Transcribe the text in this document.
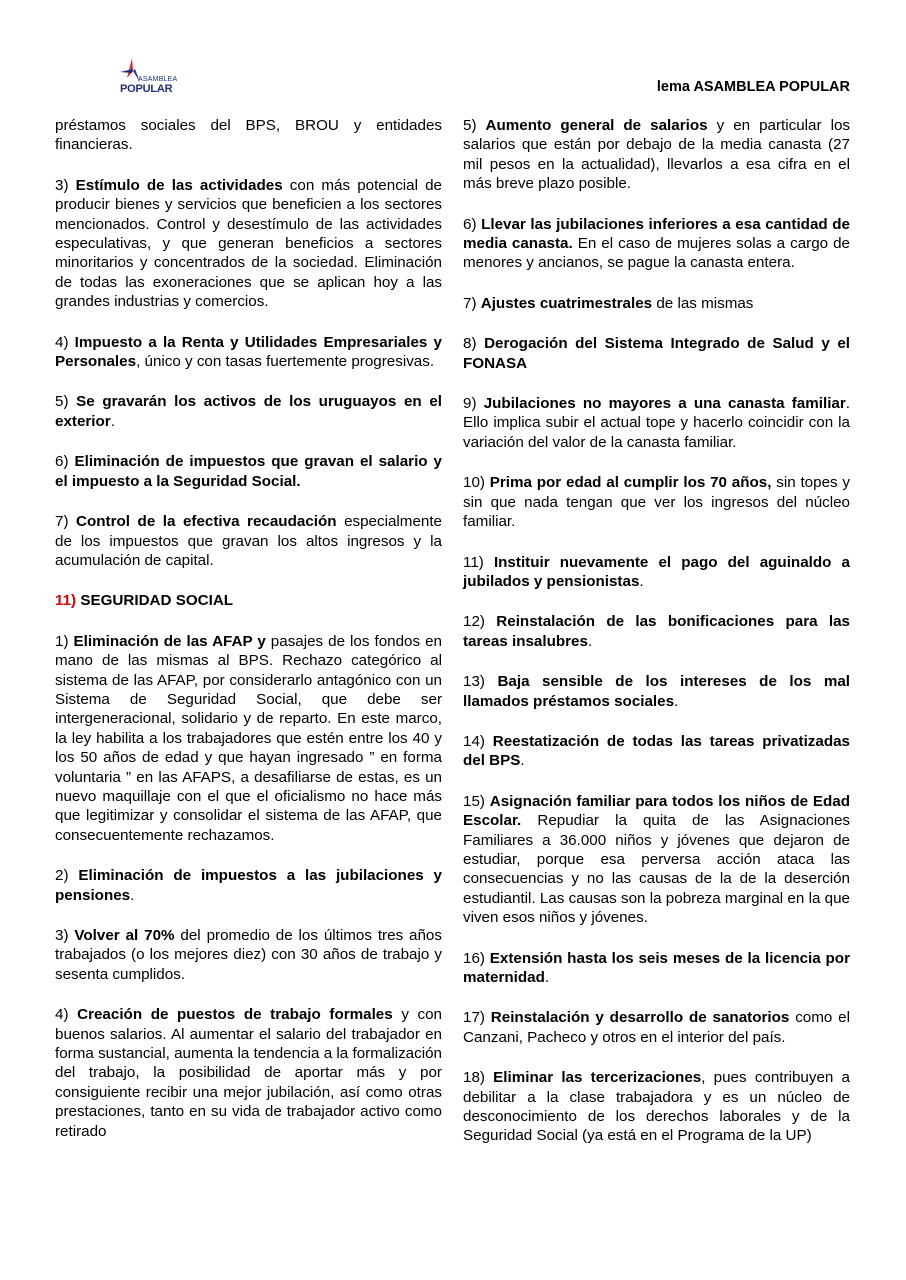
ASAMBLEA
POPULAR	lema ASAMBLEA POPULAR

préstamos sociales del BPS, BROU y entidades financieras.

3) Estímulo de las actividades con más potencial de producir bienes y servicios que beneficien a los sectores mencionados. Control y desestímulo de las actividades especulativas, y que generan beneficios a sectores minoritarios y concentrados de la sociedad. Eliminación de todas las exoneraciones que se aplican hoy a las grandes industrias y comercios.

4) Impuesto a la Renta y Utilidades Empresariales y Personales, único y con tasas fuertemente progresivas.

5) Se gravarán los activos de los uruguayos en el exterior.

6) Eliminación de impuestos que gravan el salario y el impuesto a la Seguridad Social.

7) Control de la efectiva recaudación especialmente de los impuestos que gravan los altos ingresos y la acumulación de capital.

11) SEGURIDAD SOCIAL

1) Eliminación de las AFAP y pasajes de los fondos en mano de las mismas al BPS. Rechazo categórico al sistema de las AFAP, por considerarlo antagónico con un Sistema de Seguridad Social, que debe ser intergeneracional, solidario y de reparto. En este marco, la ley habilita a los trabajadores que estén entre los 40 y los 50 años de edad y que hayan ingresado ” en forma voluntaria ” en las AFAPS, a desafiliarse de estas, es un nuevo maquillaje con el que el oficialismo no hace más que legitimizar y consolidar el sistema de las AFAP, que consecuentemente rechazamos.

2) Eliminación de impuestos a las jubilaciones y pensiones.

3) Volver al 70% del promedio de los últimos tres años trabajados (o los mejores diez) con 30 años de trabajo y sesenta cumplidos.

4) Creación de puestos de trabajo formales y con buenos salarios. Al aumentar el salario del trabajador en forma sustancial, aumenta la tendencia a la formalización del trabajo, la posibilidad de aportar más y por consiguiente recibir una mejor jubilación, así como otras prestaciones, tanto en su vida de trabajador activo como retirado

5) Aumento general de salarios y en particular los salarios que están por debajo de la media canasta (27 mil pesos en la actualidad), llevarlos a esa cifra en el más breve plazo posible.

6) Llevar las jubilaciones inferiores a esa cantidad de media canasta. En el caso de mujeres solas a cargo de menores y ancianos, se pague la canasta entera.

7) Ajustes cuatrimestrales de las mismas

8) Derogación del Sistema Integrado de Salud y el FONASA

9) Jubilaciones no mayores a una canasta familiar. Ello implica subir el actual tope y hacerlo coincidir con la variación del valor de la canasta familiar.

10) Prima por edad al cumplir los 70 años, sin topes y sin que nada tengan que ver los ingresos del núcleo familiar.

11) Instituir nuevamente el pago del aguinaldo a jubilados y pensionistas.

12) Reinstalación de las bonificaciones para las tareas insalubres.

13) Baja sensible de los intereses de los mal llamados préstamos sociales.

14) Reestatización de todas las tareas privatizadas del BPS.

15) Asignación familiar para todos los niños de Edad Escolar. Repudiar la quita de las Asignaciones Familiares a 36.000 niños y jóvenes que dejaron de estudiar, porque esa perversa acción ataca las consecuencias y no las causas de la de la deserción estudiantil. Las causas son la pobreza marginal en la que viven esos niños y jóvenes.

16) Extensión hasta los seis meses de la licencia por maternidad.

17) Reinstalación y desarrollo de sanatorios como el Canzani, Pacheco y otros en el interior del país.

18) Eliminar las tercerizaciones, pues contribuyen a debilitar a la clase trabajadora y es un núcleo de desconocimiento de los derechos laborales y de la Seguridad Social (ya está en el Programa de la UP)
